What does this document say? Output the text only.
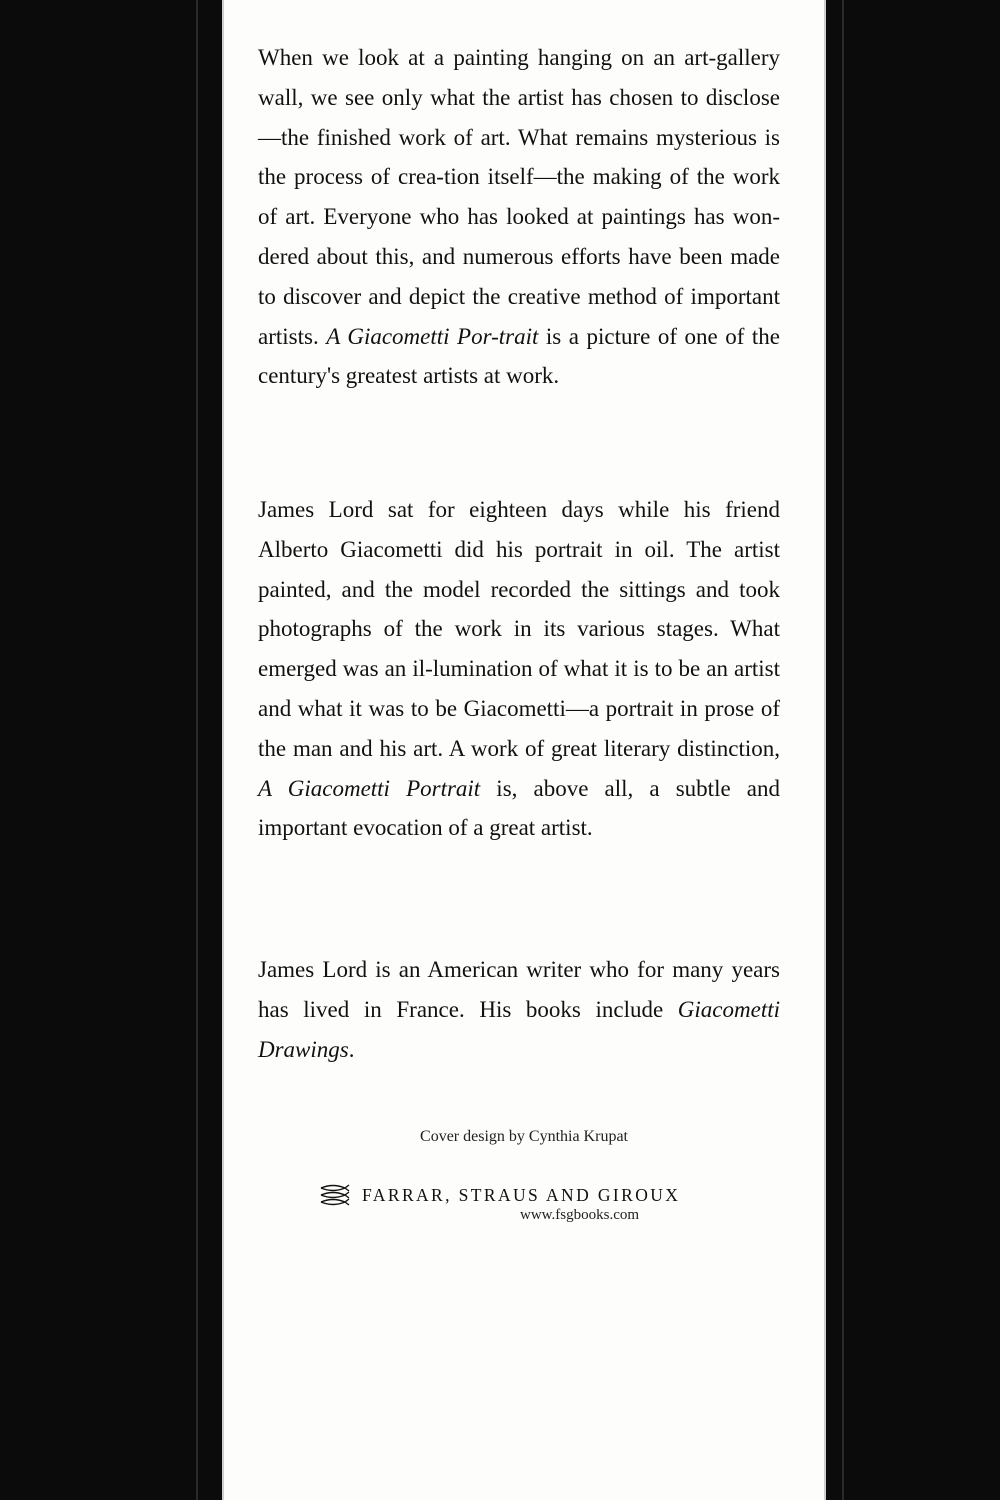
When we look at a painting hanging on an art-gallery wall, we see only what the artist has chosen to disclose—the finished work of art. What remains mysterious is the process of crea-tion itself—the making of the work of art. Everyone who has looked at paintings has won-dered about this, and numerous efforts have been made to discover and depict the creative method of important artists. A Giacometti Por-trait is a picture of one of the century's greatest artists at work.

James Lord sat for eighteen days while his friend Alberto Giacometti did his portrait in oil. The artist painted, and the model recorded the sittings and took photographs of the work in its various stages. What emerged was an il-lumination of what it is to be an artist and what it was to be Giacometti—a portrait in prose of the man and his art. A work of great literary distinction, A Giacometti Portrait is, above all, a subtle and important evocation of a great artist.

James Lord is an American writer who for many years has lived in France. His books include Giacometti Drawings.

Cover design by Cynthia Krupat
FARRAR, STRAUS AND GIROUX
www.fsgbooks.com
